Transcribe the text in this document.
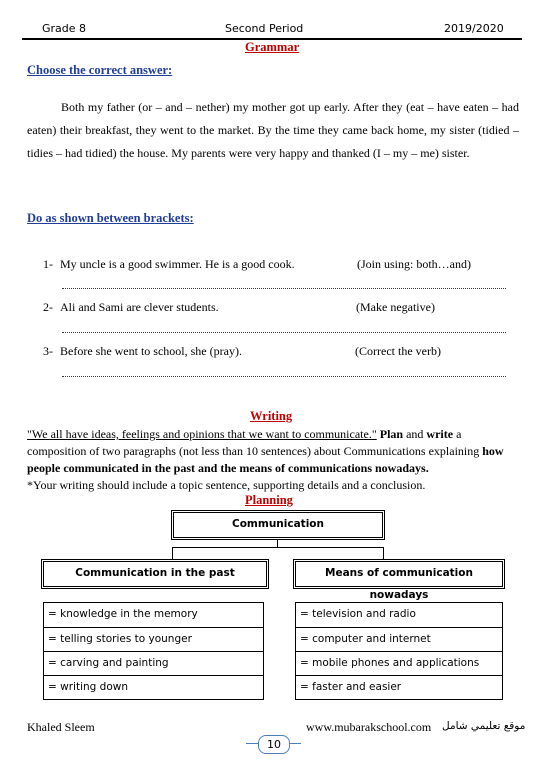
Grade 8	Second Period	2019/2020
Grammar
Choose the correct answer:
Both my father (or – and – nether) my mother got up early. After they (eat – have eaten – had eaten) their breakfast, they went to the market. By the time they came back home, my sister (tidied – tidies – had tidied) the house. My parents were very happy and thanked (I – my – me) sister.
Do as shown between brackets:
1- My uncle is a good swimmer. He is a good cook.	(Join using: both…and)
2- Ali and Sami are clever students.	(Make negative)
3- Before she went to school, she (pray).	(Correct the verb)
Writing
"We all have ideas, feelings and opinions that we want to communicate." Plan and write a composition of two paragraphs (not less than 10 sentences) about Communications explaining how people communicated in the past and the means of communications nowadays.
*Your writing should include a topic sentence, supporting details and a conclusion.
Planning
Communication
Communication in the past	Means of communication nowadays
= knowledge in the memory
= telling stories to younger
= carving and painting
= writing down
= television and radio
= computer and internet
= mobile phones and applications
= faster and easier
Khaled Sleem	www.mubarakschool.com موقع تعليمي شامل
10
